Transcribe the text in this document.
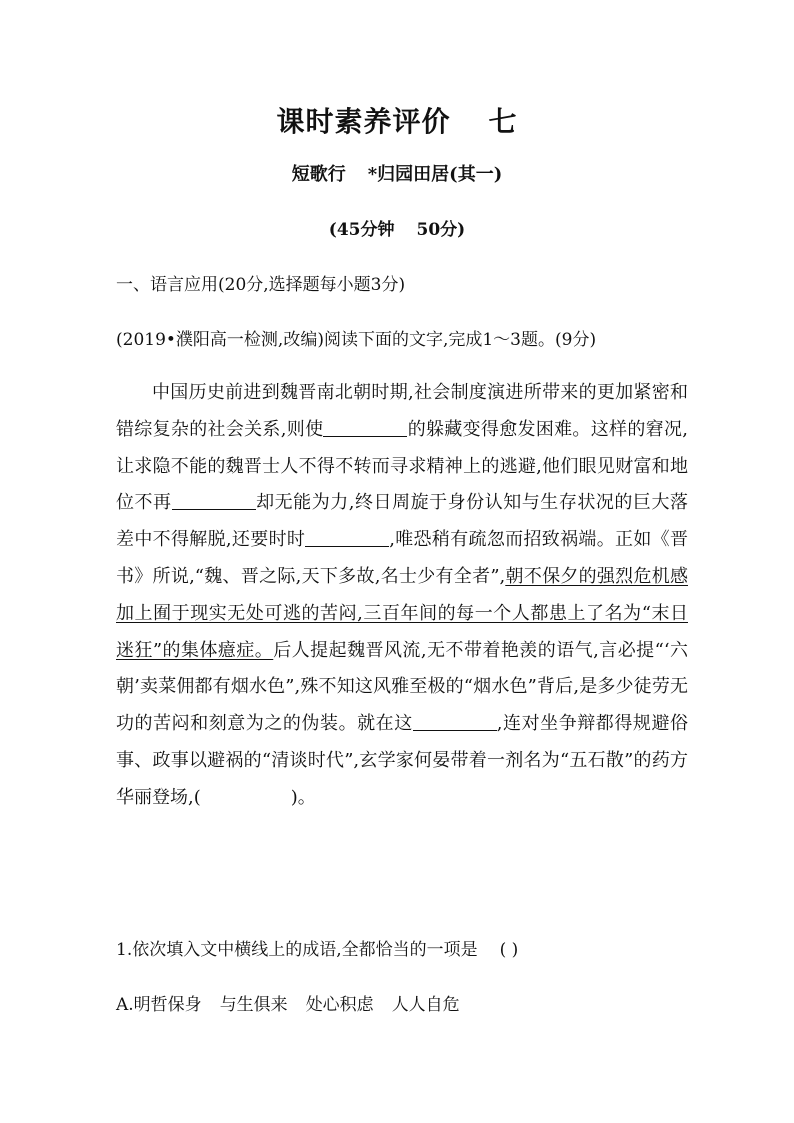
课时素养评价 七
短歌行 *归园田居(其一)
(45分钟 50分)
一、语言应用(20分,选择题每小题3分)
(2019•濮阳高一检测,改编)阅读下面的文字,完成1～3题。(9分)

中国历史前进到魏晋南北朝时期,社会制度演进所带来的更加紧密和错综复杂的社会关系,则使	的躲藏变得愈发困难。这样的窘况,让求隐不能的魏晋士人不得不转而寻求精神上的逃避,他们眼见财富和地位不再	却无能为力,终日周旋于身份认知与生存状况的巨大落差中不得解脱,还要时时	,唯恐稍有疏忽而招致祸端。正如《晋书》所说,“魏、晋之际,天下多故,名士少有全者”,朝不保夕的强烈危机感加上囿于现实无处可逃的苦闷,三百年间的每一个人都患上了名为“末日迷狂”的集体癔症。后人提起魏晋风流,无不带着艳羡的语气,言必提“‘六朝’卖菜佣都有烟水色”,殊不知这风雅至极的“烟水色”背后,是多少徒劳无功的苦闷和刻意为之的伪装。就在这	,连对坐争辩都得规避俗事、政事以避祸的“清谈时代”,玄学家何晏带着一剂名为“五石散”的药方华丽登场,(	)。

1.依次填入文中横线上的成语,全都恰当的一项是 ( )
A.明哲保身 与生俱来 处心积虑 人人自危
